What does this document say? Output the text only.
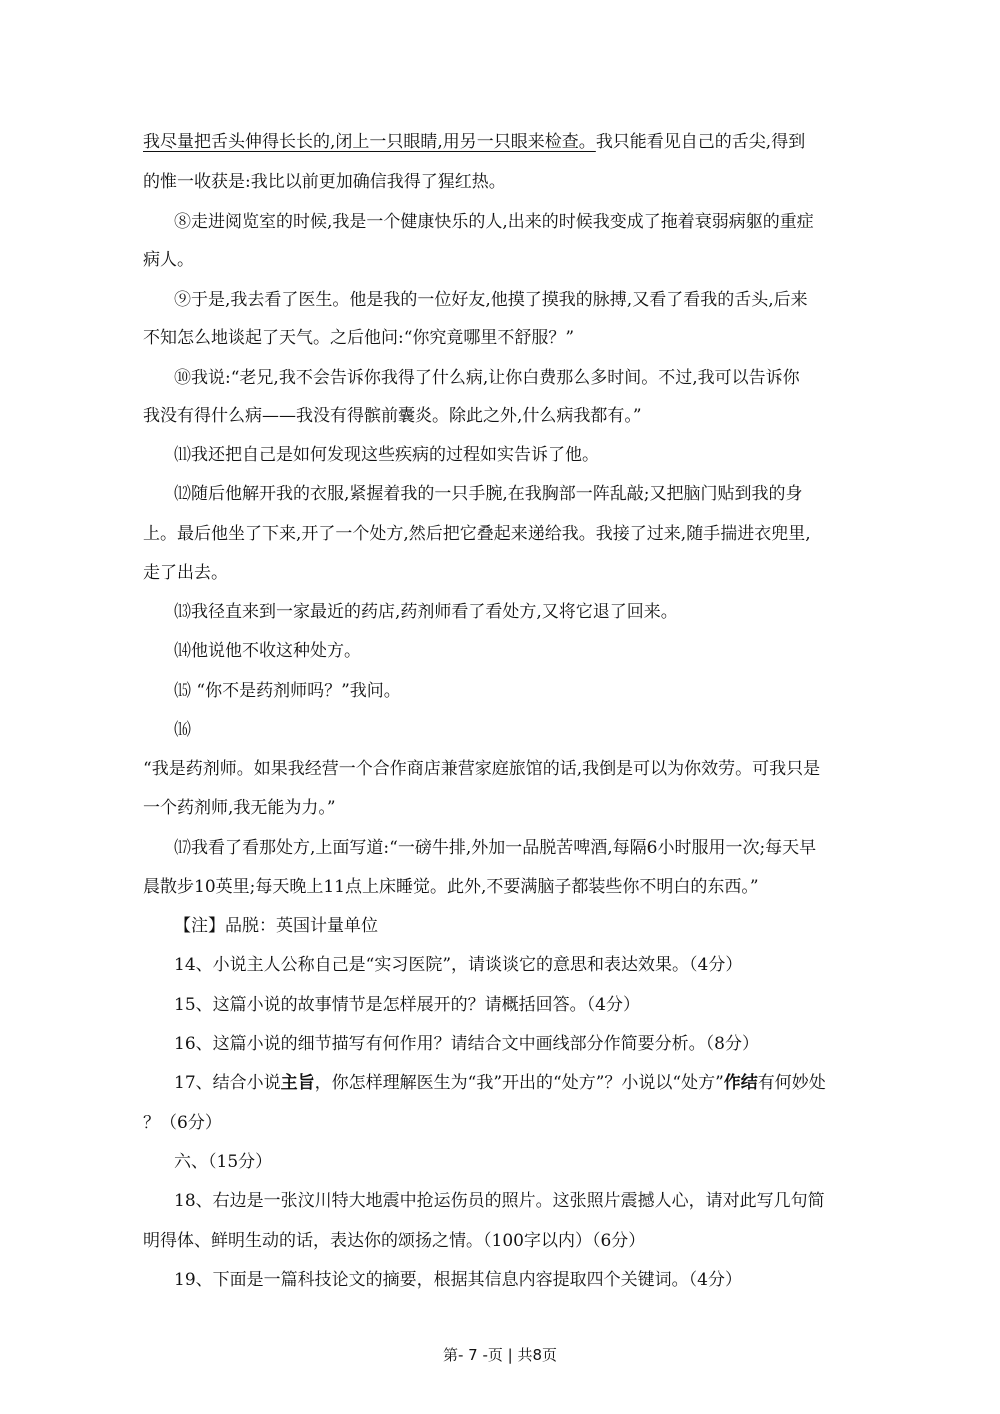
我尽量把舌头伸得长长的,闭上一只眼睛,用另一只眼来检查。我只能看见自己的舌尖,得到
的惟一收获是:我比以前更加确信我得了猩红热。
⑧走进阅览室的时候,我是一个健康快乐的人,出来的时候我变成了拖着衰弱病躯的重症
病人。
⑨于是,我去看了医生。他是我的一位好友,他摸了摸我的脉搏,又看了看我的舌头,后来
不知怎么地谈起了天气。之后他问:“你究竟哪里不舒服？”
⑩我说:“老兄,我不会告诉你我得了什么病,让你白费那么多时间。不过,我可以告诉你
我没有得什么病——我没有得髌前囊炎。除此之外,什么病我都有。”
⑾我还把自己是如何发现这些疾病的过程如实告诉了他。
⑿随后他解开我的衣服,紧握着我的一只手腕,在我胸部一阵乱敲;又把脑门贴到我的身
上。最后他坐了下来,开了一个处方,然后把它叠起来递给我。我接了过来,随手揣进衣兜里,
走了出去。
⒀我径直来到一家最近的药店,药剂师看了看处方,又将它退了回来。
⒁他说他不收这种处方。
⒂ “你不是药剂师吗？”我问。
⒃
“我是药剂师。如果我经营一个合作商店兼营家庭旅馆的话,我倒是可以为你效劳。可我只是
一个药剂师,我无能为力。”
⒄我看了看那处方,上面写道:“一磅牛排,外加一品脱苦啤酒,每隔6小时服用一次;每天早
晨散步10英里;每天晚上11点上床睡觉。此外,不要满脑子都装些你不明白的东西。”
【注】品脱：英国计量单位
14、小说主人公称自己是“实习医院”，请谈谈它的意思和表达效果。（4分）
15、这篇小说的故事情节是怎样展开的？请概括回答。（4分）
16、这篇小说的细节描写有何作用？请结合文中画线部分作简要分析。（8分）
17、结合小说主旨，你怎样理解医生为“我”开出的“处方”？小说以“处方”作结有何妙处
？（6分）
六、（15分）
18、右边是一张汶川特大地震中抢运伤员的照片。这张照片震撼人心，请对此写几句简
明得体、鲜明生动的话，表达你的颂扬之情。（100字以内）（6分）
19、下面是一篇科技论文的摘要，根据其信息内容提取四个关键词。（4分）
第- 7 -页 | 共8页
